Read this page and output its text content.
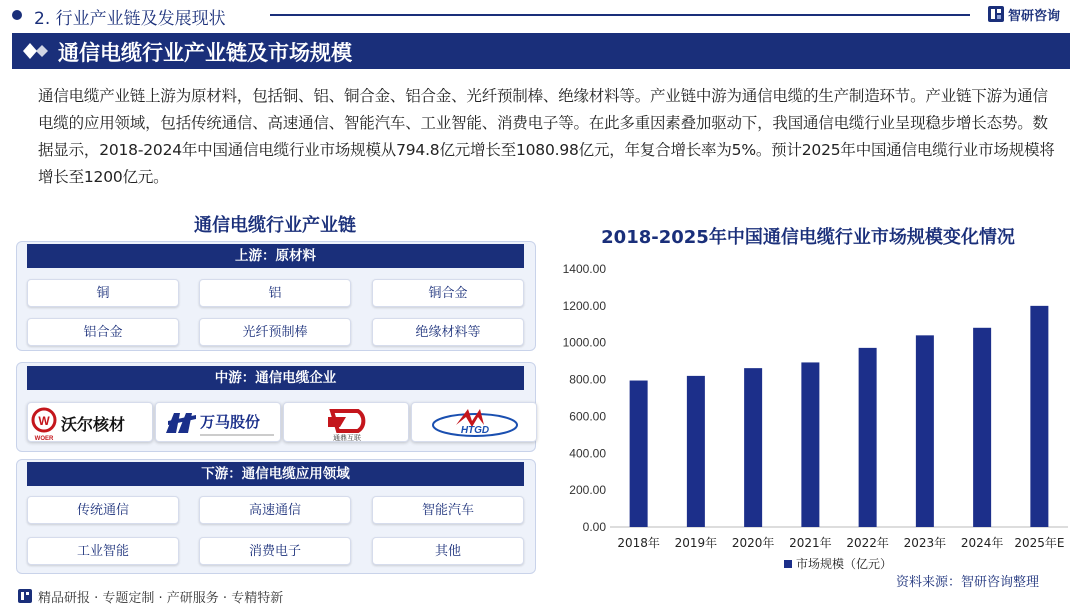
2. 行业产业链及发展现状	智研咨询
通信电缆行业产业链及市场规模
通信电缆产业链上游为原材料，包括铜、铝、铜合金、铝合金、光纤预制棒、绝缘材料等。产业链中游为通信电缆的生产制造环节。产业链下游为通信电缆的应用领域，包括传统通信、高速通信、智能汽车、工业智能、消费电子等。在此多重因素叠加驱动下，我国通信电缆行业呈现稳步增长态势。数据显示，2018-2024年中国通信电缆行业市场规模从794.8亿元增长至1080.98亿元，年复合增长率为5%。预计2025年中国通信电缆行业市场规模将增长至1200亿元。
通信电缆行业产业链
上游：原材料
铜	铝	铜合金
铝合金	光纤预制棒	绝缘材料等
中游：通信电缆企业
W
WOER
沃尔核材	万马股份
通鼎互联
HTGD
下游：通信电缆应用领域
传统通信	高速通信	智能汽车
工业智能	消费电子	其他
2018-2025年中国通信电缆行业市场规模变化情况
0.00
200.00
400.00
600.00
800.00
1000.00
1200.00
1400.00
2018年 2019年 2020年 2021年 2022年 2023年 2024年 2025年E
市场规模（亿元）
资料来源：智研咨询整理
精品研报 · 专题定制 · 产研服务 · 专精特新
